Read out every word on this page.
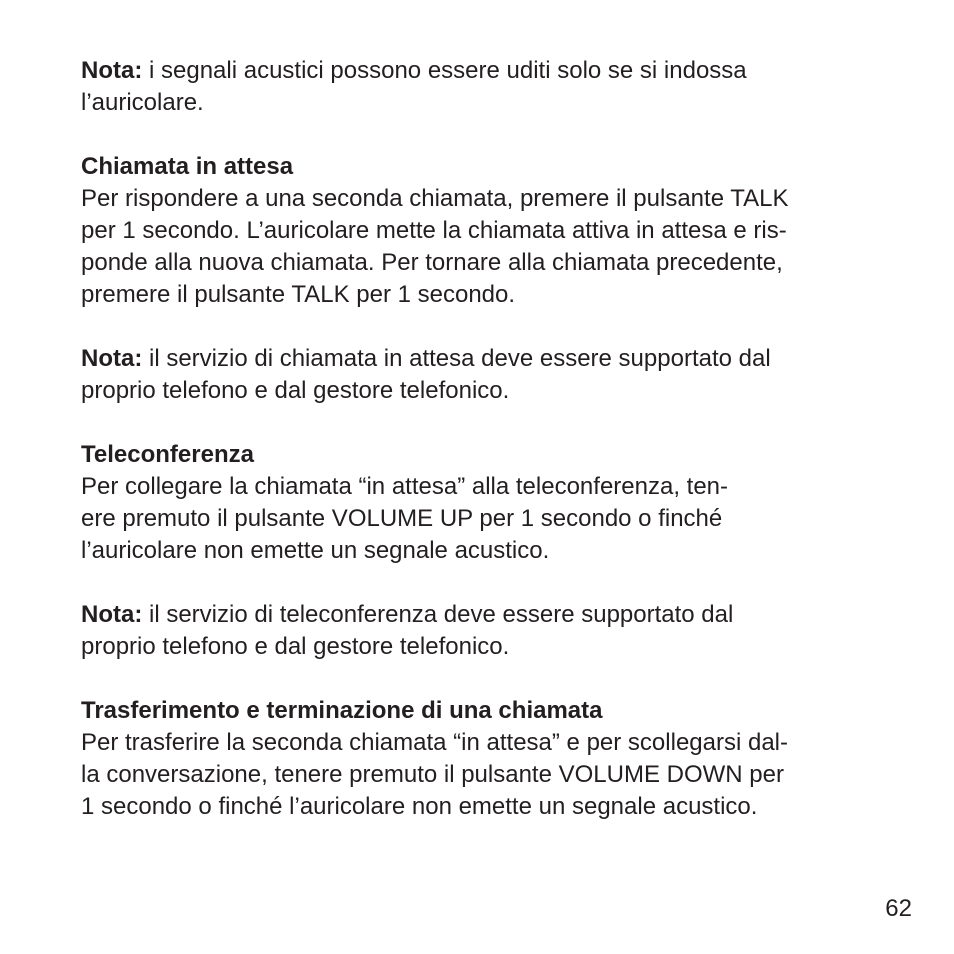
Nota: i segnali acustici possono essere uditi solo se si indossa

l’auricolare.

Chiamata in attesa

Per rispondere a una seconda chiamata, premere il pulsante TALK

per 1 secondo. L’auricolare mette la chiamata attiva in attesa e ris-

ponde alla nuova chiamata. Per tornare alla chiamata precedente,

premere il pulsante TALK per 1 secondo.

Nota: il servizio di chiamata in attesa deve essere supportato dal

proprio telefono e dal gestore telefonico.

Teleconferenza

Per collegare la chiamata “in attesa” alla teleconferenza, ten-

ere premuto il pulsante VOLUME UP per 1 secondo o finché

l’auricolare non emette un segnale acustico.

Nota: il servizio di teleconferenza deve essere supportato dal

proprio telefono e dal gestore telefonico.

Trasferimento e terminazione di una chiamata

Per trasferire la seconda chiamata “in attesa” e per scollegarsi dal-

la conversazione, tenere premuto il pulsante VOLUME DOWN per

1 secondo o finché l’auricolare non emette un segnale acustico.

62
